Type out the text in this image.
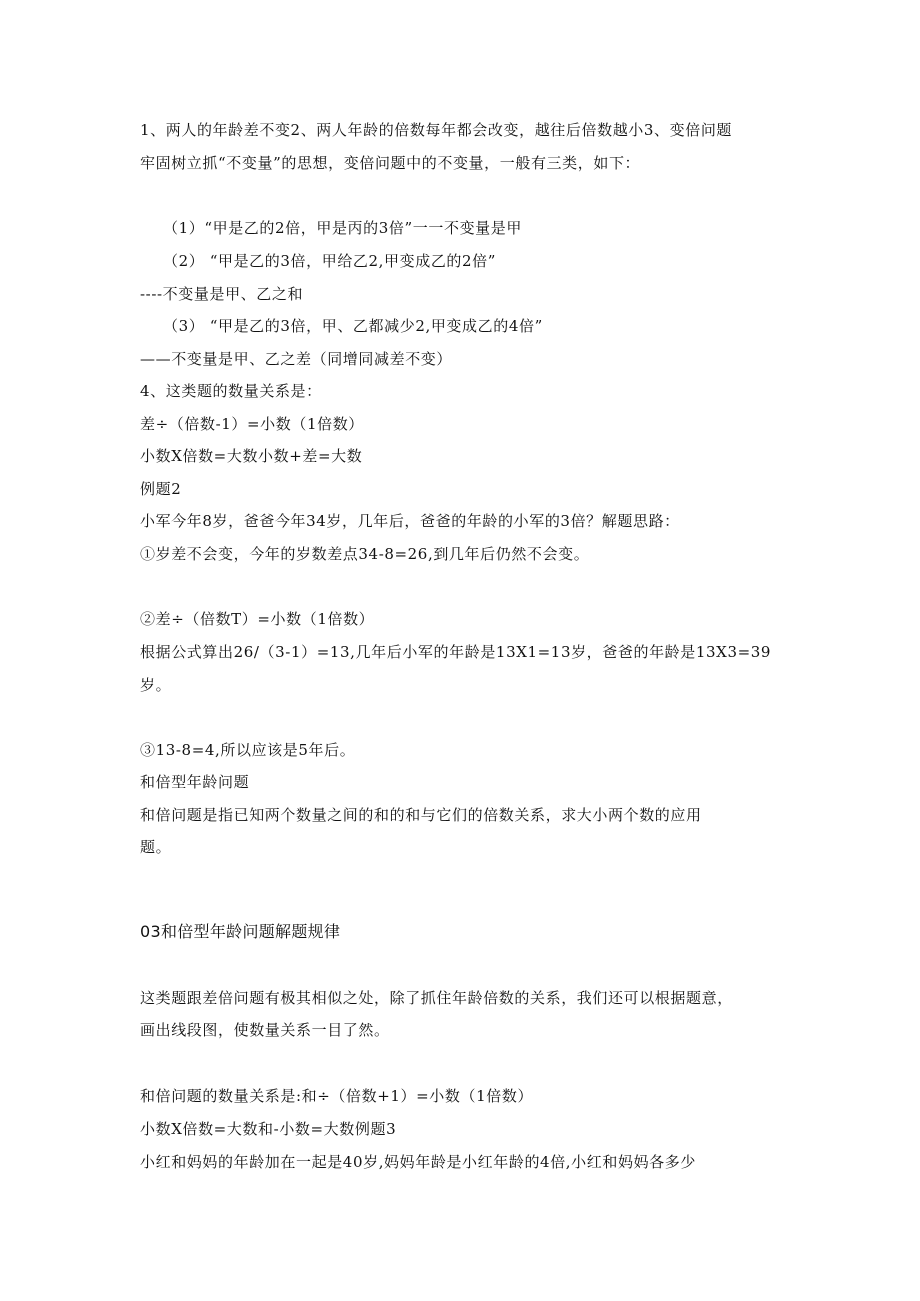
1、两人的年龄差不变2、两人年龄的倍数每年都会改变，越往后倍数越小3、变倍问题
牢固树立抓“不变量”的思想，变倍问题中的不变量，一般有三类，如下：
（1）“甲是乙的2倍，甲是丙的3倍”一一不变量是甲
（2） “甲是乙的3倍，甲给乙2,甲变成乙的2倍”
----不变量是甲、乙之和
（3） “甲是乙的3倍，甲、乙都减少2,甲变成乙的4倍”
——不变量是甲、乙之差（同增同减差不变）
4、这类题的数量关系是：
差÷（倍数-1）=小数（1倍数）
小数X倍数=大数小数+差=大数
例题2
小军今年8岁，爸爸今年34岁，几年后，爸爸的年龄的小军的3倍？解题思路：
①岁差不会变，今年的岁数差点34-8=26,到几年后仍然不会变。
②差÷（倍数T）=小数（1倍数）
根据公式算出26/（3-1）=13,几年后小军的年龄是13X1=13岁，爸爸的年龄是13X3=39
岁。
③13-8=4,所以应该是5年后。
和倍型年龄问题
和倍问题是指已知两个数量之间的和的和与它们的倍数关系，求大小两个数的应用
题。
03和倍型年龄问题解题规律
这类题跟差倍问题有极其相似之处，除了抓住年龄倍数的关系，我们还可以根据题意，
画出线段图，使数量关系一目了然。
和倍问题的数量关系是:和÷（倍数+1）=小数（1倍数）
小数X倍数=大数和-小数=大数例题3
小红和妈妈的年龄加在一起是40岁,妈妈年龄是小红年龄的4倍,小红和妈妈各多少
